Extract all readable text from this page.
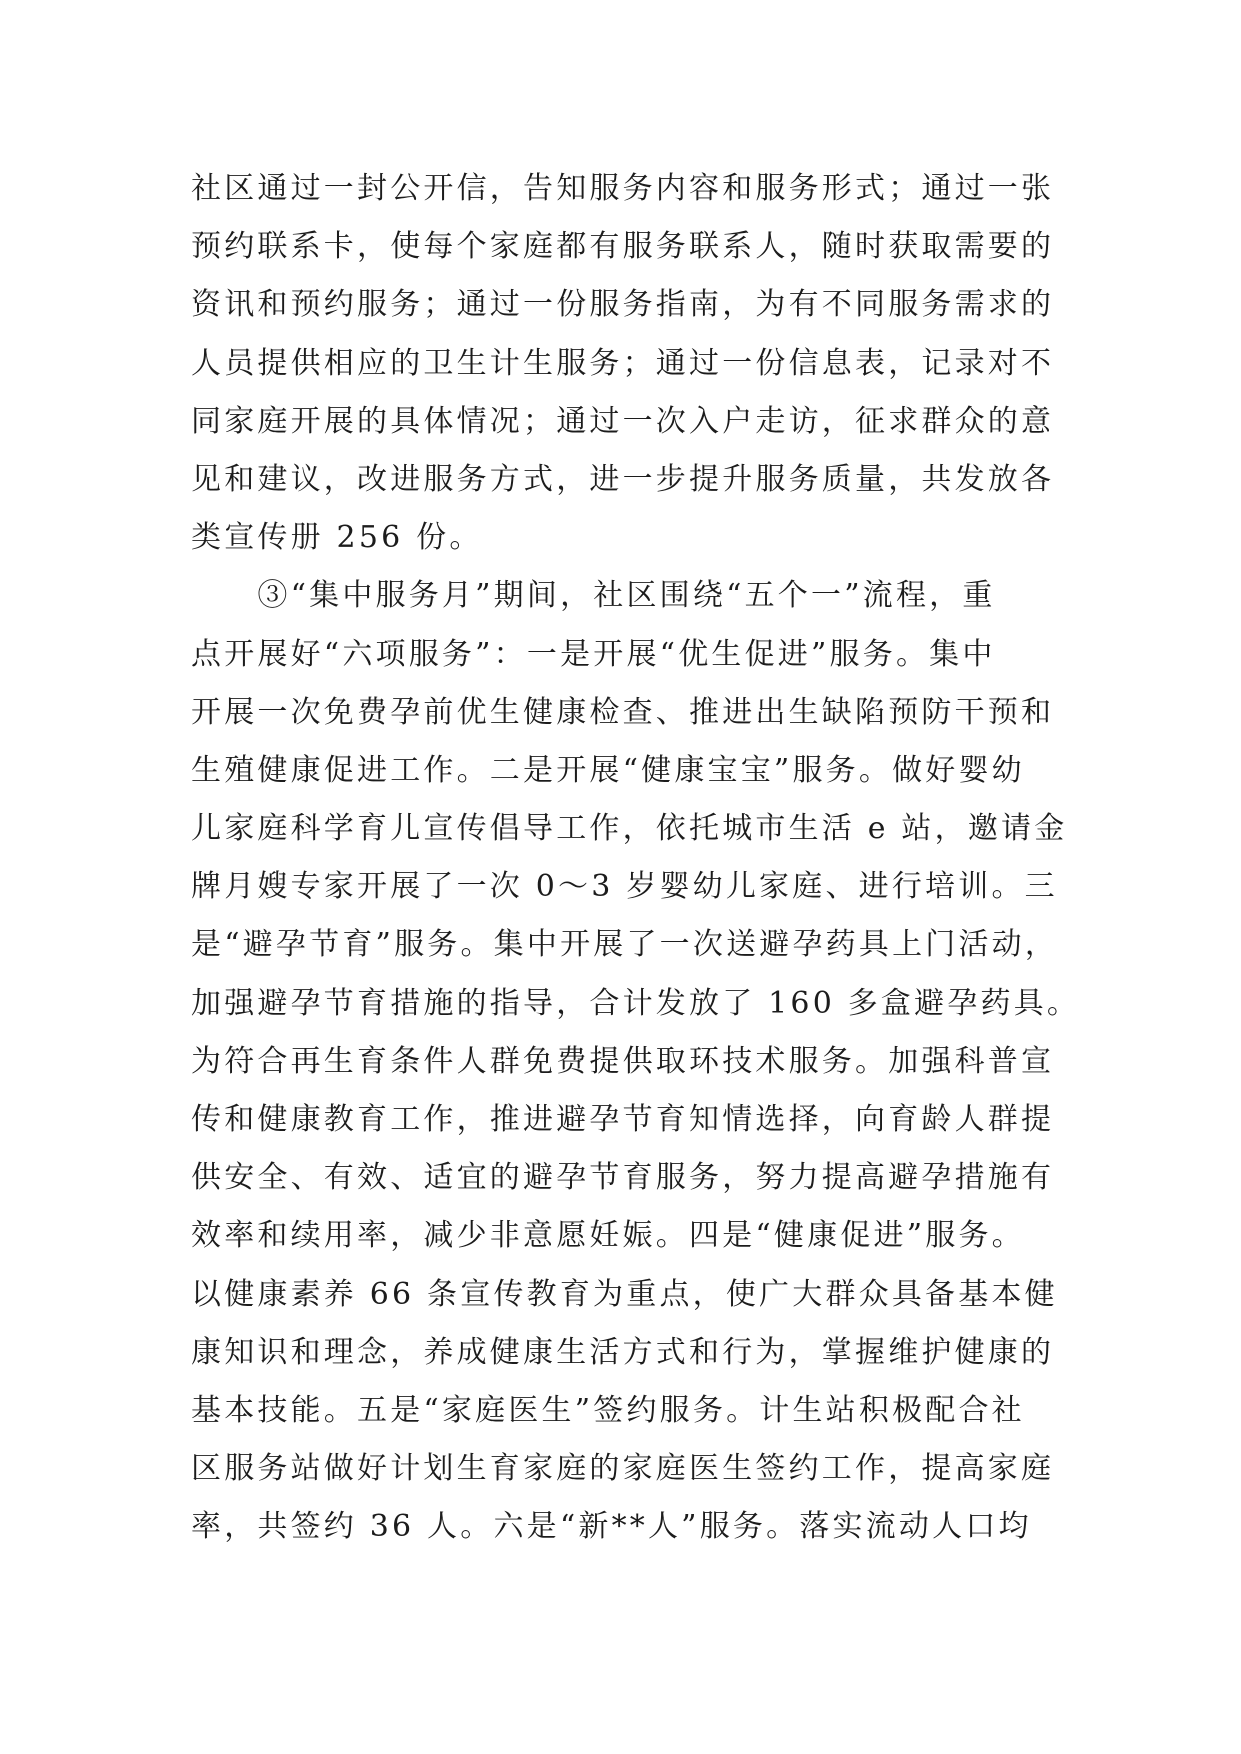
社区通过一封公开信，告知服务内容和服务形式；通过一张
预约联系卡，使每个家庭都有服务联系人，随时获取需要的
资讯和预约服务；通过一份服务指南，为有不同服务需求的
人员提供相应的卫生计生服务；通过一份信息表，记录对不
同家庭开展的具体情况；通过一次入户走访，征求群众的意
见和建议，改进服务方式，进一步提升服务质量，共发放各
类宣传册 256 份。
　　③“集中服务月”期间，社区围绕“五个一”流程，重
点开展好“六项服务”：一是开展“优生促进”服务。集中
开展一次免费孕前优生健康检查、推进出生缺陷预防干预和
生殖健康促进工作。二是开展“健康宝宝”服务。做好婴幼
儿家庭科学育儿宣传倡导工作，依托城市生活 e 站，邀请金
牌月嫂专家开展了一次 0～3 岁婴幼儿家庭、进行培训。三
是“避孕节育”服务。集中开展了一次送避孕药具上门活动，
加强避孕节育措施的指导，合计发放了 160 多盒避孕药具。
为符合再生育条件人群免费提供取环技术服务。加强科普宣
传和健康教育工作，推进避孕节育知情选择，向育龄人群提
供安全、有效、适宜的避孕节育服务，努力提高避孕措施有
效率和续用率，减少非意愿妊娠。四是“健康促进”服务。
以健康素养 66 条宣传教育为重点，使广大群众具备基本健
康知识和理念，养成健康生活方式和行为，掌握维护健康的
基本技能。五是“家庭医生”签约服务。计生站积极配合社
区服务站做好计划生育家庭的家庭医生签约工作，提高家庭
率，共签约 36 人。六是“新**人”服务。落实流动人口均
